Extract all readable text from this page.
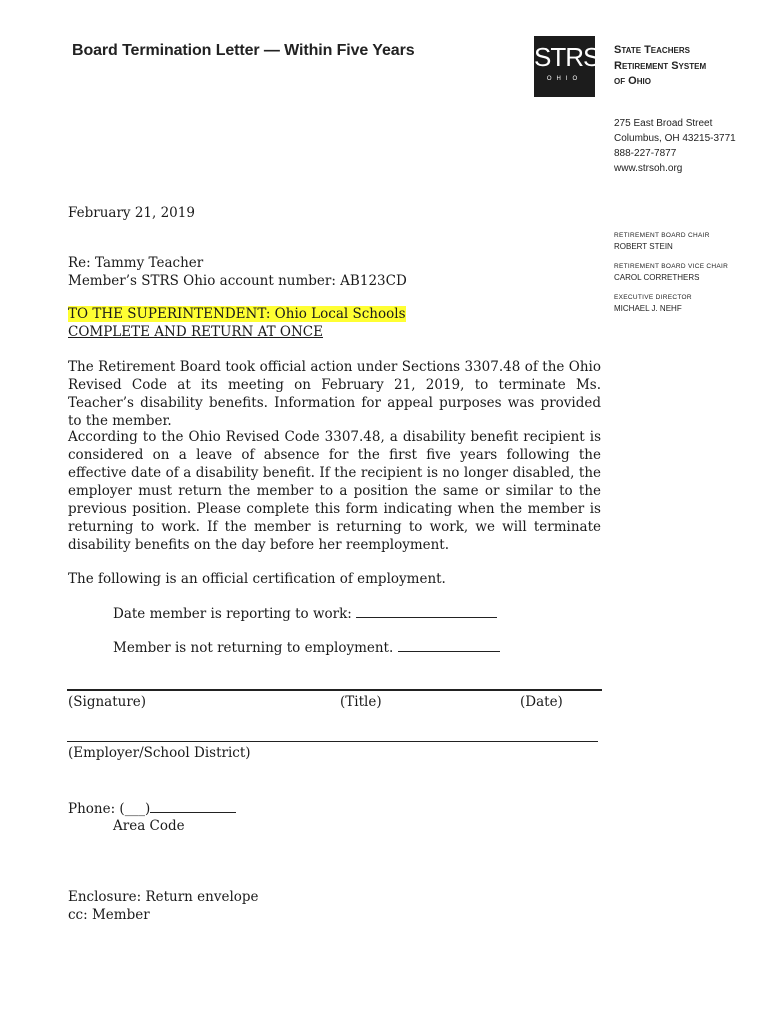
Board Termination Letter — Within Five Years	STRS
OHIO
State Teachers
Retirement System
of Ohio
275 East Broad Street
Columbus, OH 43215-3771
888-227-7877
www.strsoh.org
RETIREMENT BOARD CHAIR
ROBERT STEIN
RETIREMENT BOARD VICE CHAIR
CAROL CORRETHERS
EXECUTIVE DIRECTOR
MICHAEL J. NEHF
February 21, 2019
Re: Tammy Teacher
Member’s STRS Ohio account number: AB123CD
TO THE SUPERINTENDENT: Ohio Local Schools
COMPLETE AND RETURN AT ONCE
The Retirement Board took official action under Sections 3307.48 of the Ohio Revised Code at its meeting on February 21, 2019, to terminate Ms. Teacher’s disability benefits. Information for appeal purposes was provided to the member.
According to the Ohio Revised Code 3307.48, a disability benefit recipient is considered on a leave of absence for the first five years following the effective date of a disability benefit. If the recipient is no longer disabled, the employer must return the member to a position the same or similar to the previous position. Please complete this form indicating when the member is returning to work. If the member is returning to work, we will terminate disability benefits on the day before her reemployment.
The following is an official certification of employment.
Date member is reporting to work:
Member is not returning to employment.
(Signature)	(Title)	(Date)
(Employer/School District)
Phone: (___)
Area Code
Enclosure: Return envelope
cc: Member
